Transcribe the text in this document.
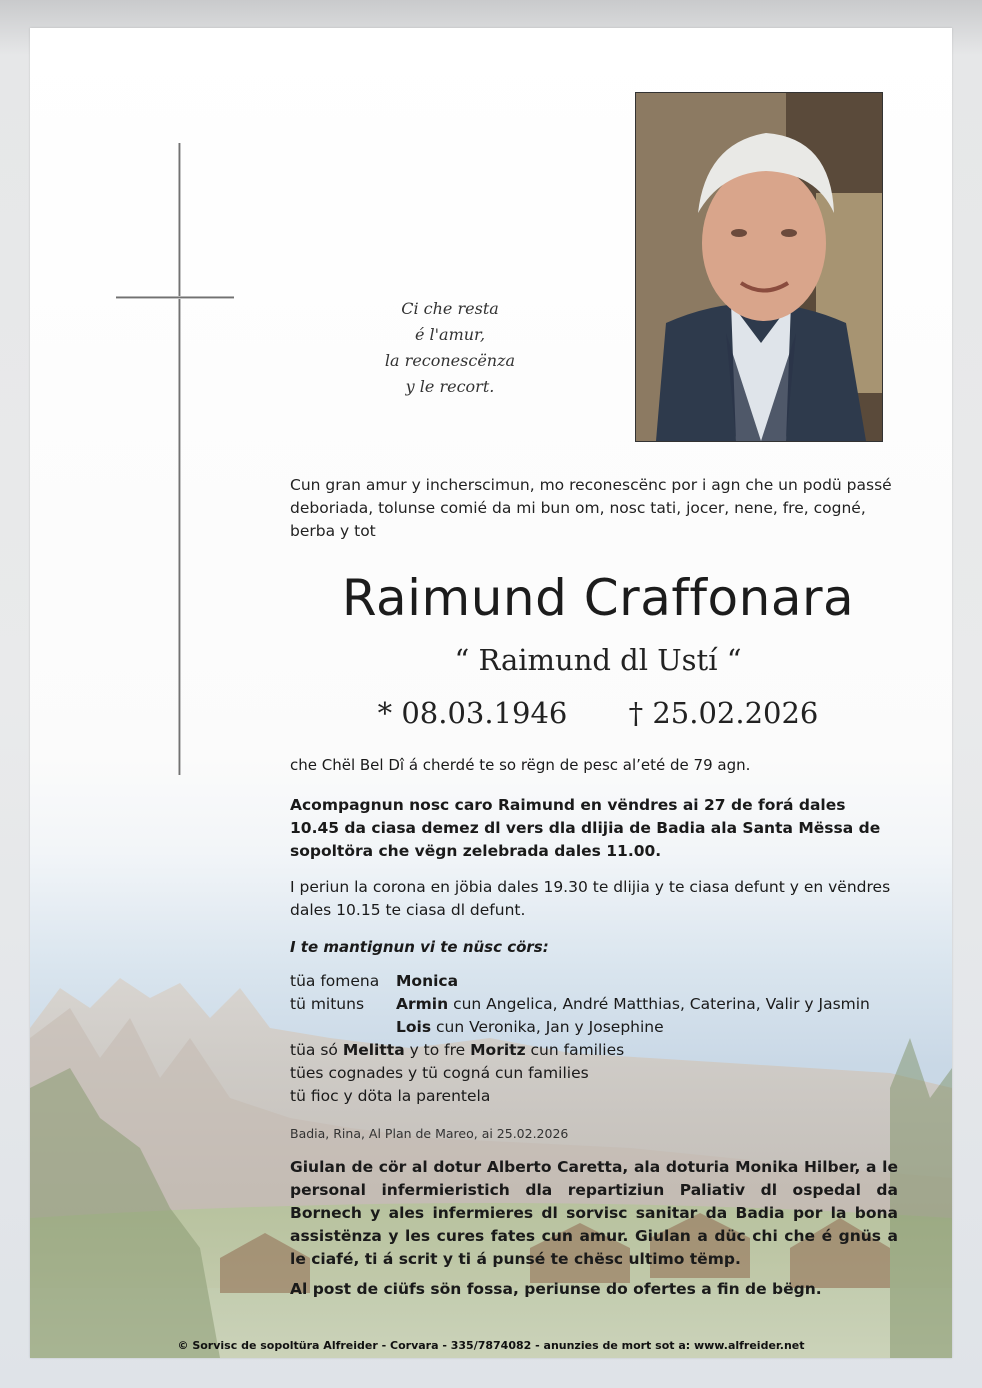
Ci che resta
é l'amur,
la reconescënza
y le recort.
Cun gran amur y incherscimun, mo reconescënc por i agn che un podü passé deboriada, tolunse comié da mi bun om, nosc tati, jocer, nene, fre, cogné, berba y tot
Raimund Craffonara
“ Raimund dl Ustí “
* 08.03.1946 † 25.02.2026
che Chël Bel Dî á cherdé te so rëgn de pesc al’eté de 79 agn.
Acompagnun nosc caro Raimund en vëndres ai 27 de forá dales 10.45 da ciasa demez dl vers dla dlijia de Badia ala Santa Mëssa de sopoltöra che vëgn zelebrada dales 11.00.
I periun la corona en jöbia dales 19.30 te dlijia y te ciasa defunt y en vëndres dales 10.15 te ciasa dl defunt.
I te mantignun vi te nüsc cörs:
tüa fomena Monica
tü mituns Armin cun Angelica, André Matthias, Caterina, Valir y Jasmin
Lois cun Veronika, Jan y Josephine
tüa só Melitta y to fre Moritz cun families
tües cognades y tü cogná cun families
tü fioc y döta la parentela
Badia, Rina, Al Plan de Mareo, ai 25.02.2026
Giulan de cör al dotur Alberto Caretta, ala doturia Monika Hilber, a le personal infermieristich dla repartiziun Paliativ dl ospedal da Bornech y ales infermieres dl sorvisc sanitar da Badia por la bona assistënza y les cures fates cun amur. Giulan a düc chi che é gnüs a le ciafé, ti á scrit y ti á punsé te chësc ultimo tëmp.
Al post de ciüfs sön fossa, periunse do ofertes a fin de bëgn.
© Sorvisc de sopoltüra Alfreider - Corvara - 335/7874082 - anunzies de mort sot a: www.alfreider.net
